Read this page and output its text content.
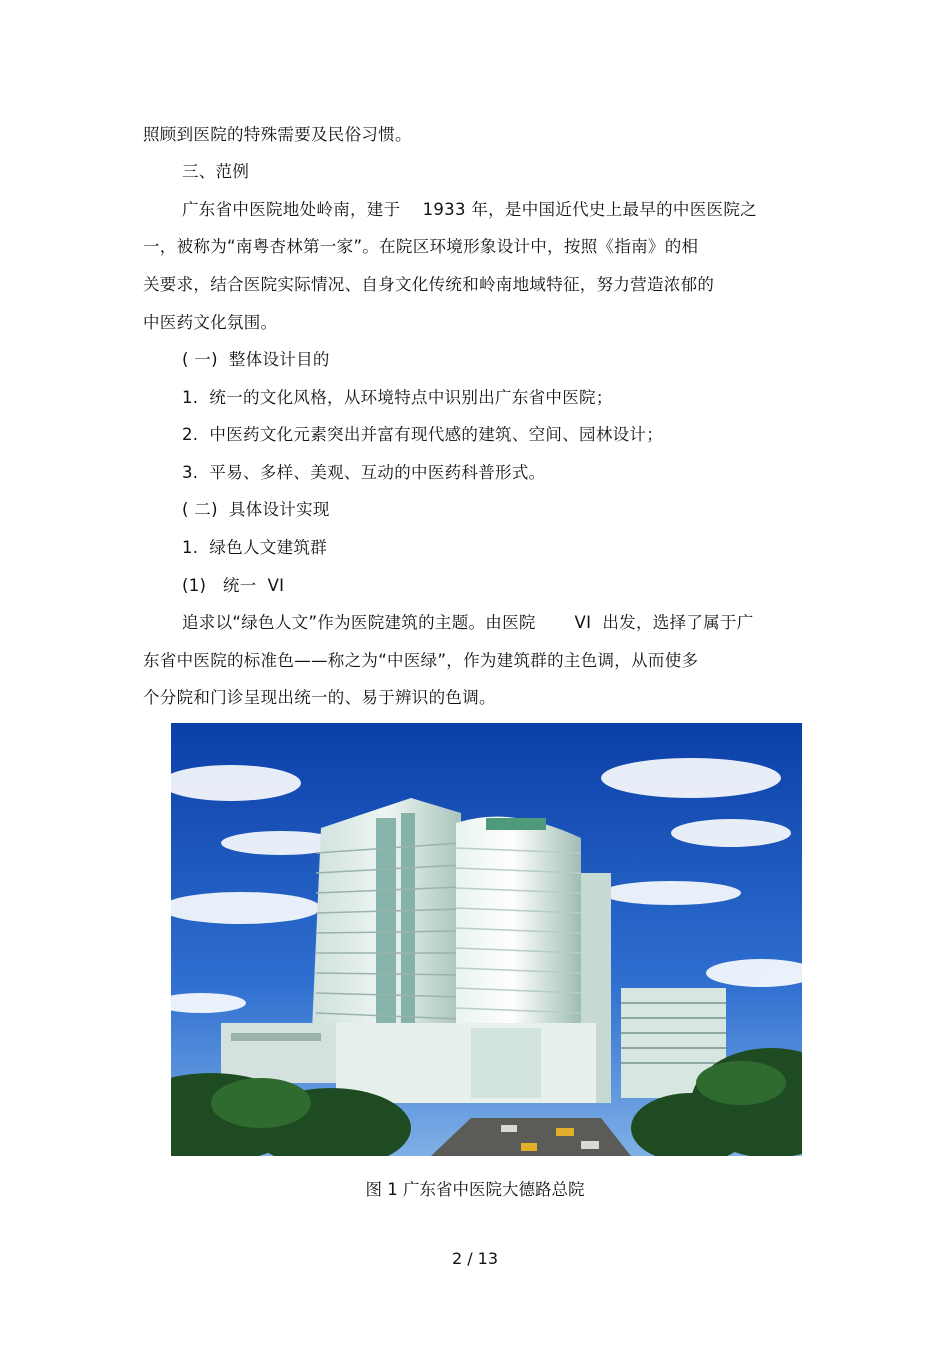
照顾到医院的特殊需要及民俗习惯。
三、范例
广东省中医院地处岭南，建于    1933 年，是中国近代史上最早的中医医院之
一，被称为“南粤杏林第一家”。在院区环境形象设计中，按照《指南》的相
关要求，结合医院实际情况、自身文化传统和岭南地域特征，努力营造浓郁的
中医药文化氛围。
( 一)  整体设计目的
1.  统一的文化风格，从环境特点中识别出广东省中医院；
2.  中医药文化元素突出并富有现代感的建筑、空间、园林设计；
3.  平易、多样、美观、互动的中医药科普形式。
( 二)  具体设计实现
1.  绿色人文建筑群
(1)   统一  VI
追求以“绿色人文”作为医院建筑的主题。由医院       VI  出发，选择了属于广
东省中医院的标准色——称之为“中医绿”，作为建筑群的主色调，从而使多
个分院和门诊呈现出统一的、易于辨识的色调。
图 1 广东省中医院大德路总院
2 / 13
